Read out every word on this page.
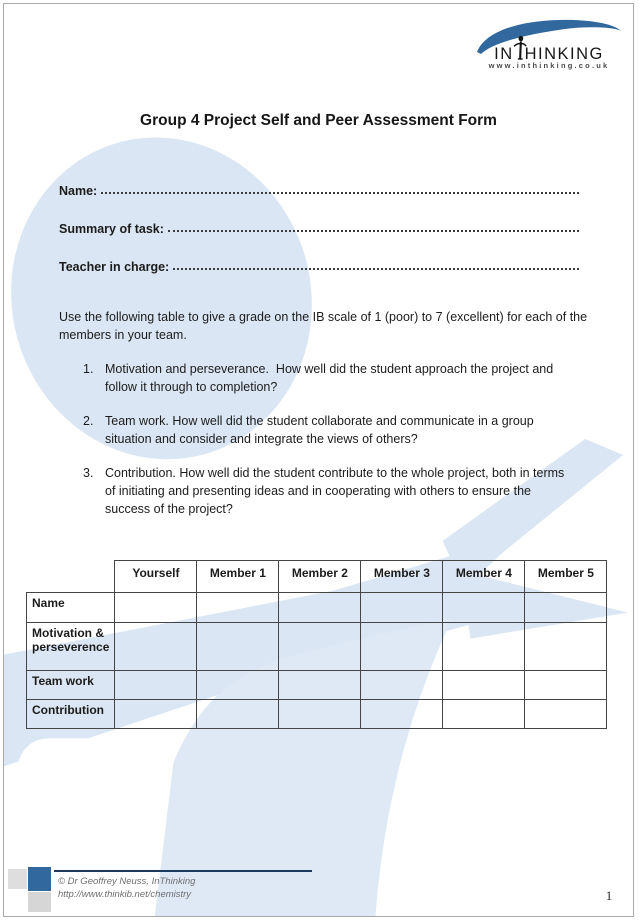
IN HINKING
www.inthinking.co.uk
Group 4 Project Self and Peer Assessment Form
Name:
Summary of task:
Teacher in charge:

Use the following table to give a grade on the IB scale of 1 (poor) to 7 (excellent) for each of the members in your team.

1. Motivation and perseverance.  How well did the student approach the project and follow it through to completion?
2. Team work. How well did the student collaborate and communicate in a group situation and consider and integrate the views of others?
3. Contribution. How well did the student contribute to the whole project, both in terms of initiating and presenting ideas and in cooperating with others to ensure the success of the project?
	Yourself	Member 1	Member 2	Member 3	Member 4	Member 5
Name						
Motivation & perseverence						
Team work						
Contribution						
© Dr Geoffrey Neuss, InThinking
http://www.thinkib.net/chemistry	1
